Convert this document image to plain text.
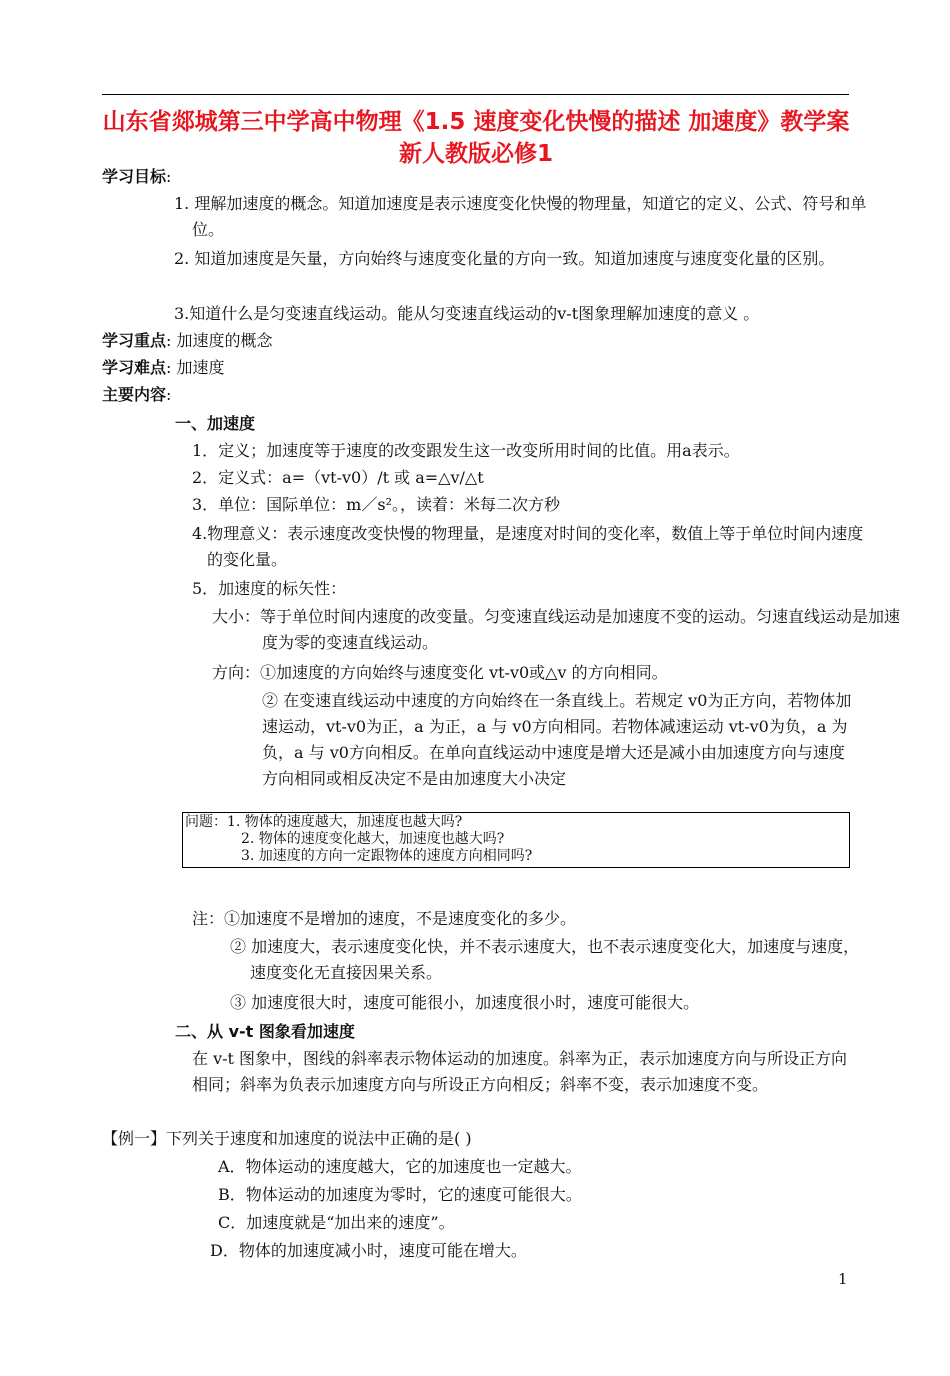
山东省郯城第三中学高中物理《1.5 速度变化快慢的描述 加速度》教学案 新人教版必修1
学习目标:
1. 理解加速度的概念。知道加速度是表示速度变化快慢的物理量，知道它的定义、公式、符号和单位。
2. 知道加速度是矢量，方向始终与速度变化量的方向一致。知道加速度与速度变化量的区别。
3.知道什么是匀变速直线运动。能从匀变速直线运动的v-t图象理解加速度的意义 。
学习重点: 加速度的概念
学习难点: 加速度
主要内容:
一、加速度
1．定义；加速度等于速度的改变跟发生这一改变所用时间的比值。用a表示。
2．定义式：a=（vt-v0）/t 或 a=△v/△t
3．单位：国际单位：m／s²。，读着：米每二次方秒
4.物理意义：表示速度改变快慢的物理量，是速度对时间的变化率，数值上等于单位时间内速度的变化量。
5．加速度的标矢性：
大小：等于单位时间内速度的改变量。匀变速直线运动是加速度不变的运动。匀速直线运动是加速度为零的变速直线运动。
方向：①加速度的方向始终与速度变化 vt-v0或△v 的方向相同。
② 在变速直线运动中速度的方向始终在一条直线上。若规定 v0为正方向，若物体加速运动，vt-v0为正，a 为正，a 与 v0方向相同。若物体减速运动 vt-v0为负，a 为负，a 与 v0方向相反。在单向直线运动中速度是增大还是减小由加速度方向与速度方向相同或相反决定不是由加速度大小决定
问题：1. 物体的速度越大，加速度也越大吗?
2. 物体的速度变化越大，加速度也越大吗?
3. 加速度的方向一定跟物体的速度方向相同吗?
注：①加速度不是增加的速度，不是速度变化的多少。
② 加速度大，表示速度变化快，并不表示速度大，也不表示速度变化大，加速度与速度，速度变化无直接因果关系。
③ 加速度很大时，速度可能很小，加速度很小时，速度可能很大。
二、从 v-t 图象看加速度
在 v-t 图象中，图线的斜率表示物体运动的加速度。斜率为正，表示加速度方向与所设正方向相同；斜率为负表示加速度方向与所设正方向相反；斜率不变，表示加速度不变。
【例一】下列关于速度和加速度的说法中正确的是( )
A．物体运动的速度越大，它的加速度也一定越大。
B．物体运动的加速度为零时，它的速度可能很大。
C．加速度就是“加出来的速度”。
D．物体的加速度减小时，速度可能在增大。
1
